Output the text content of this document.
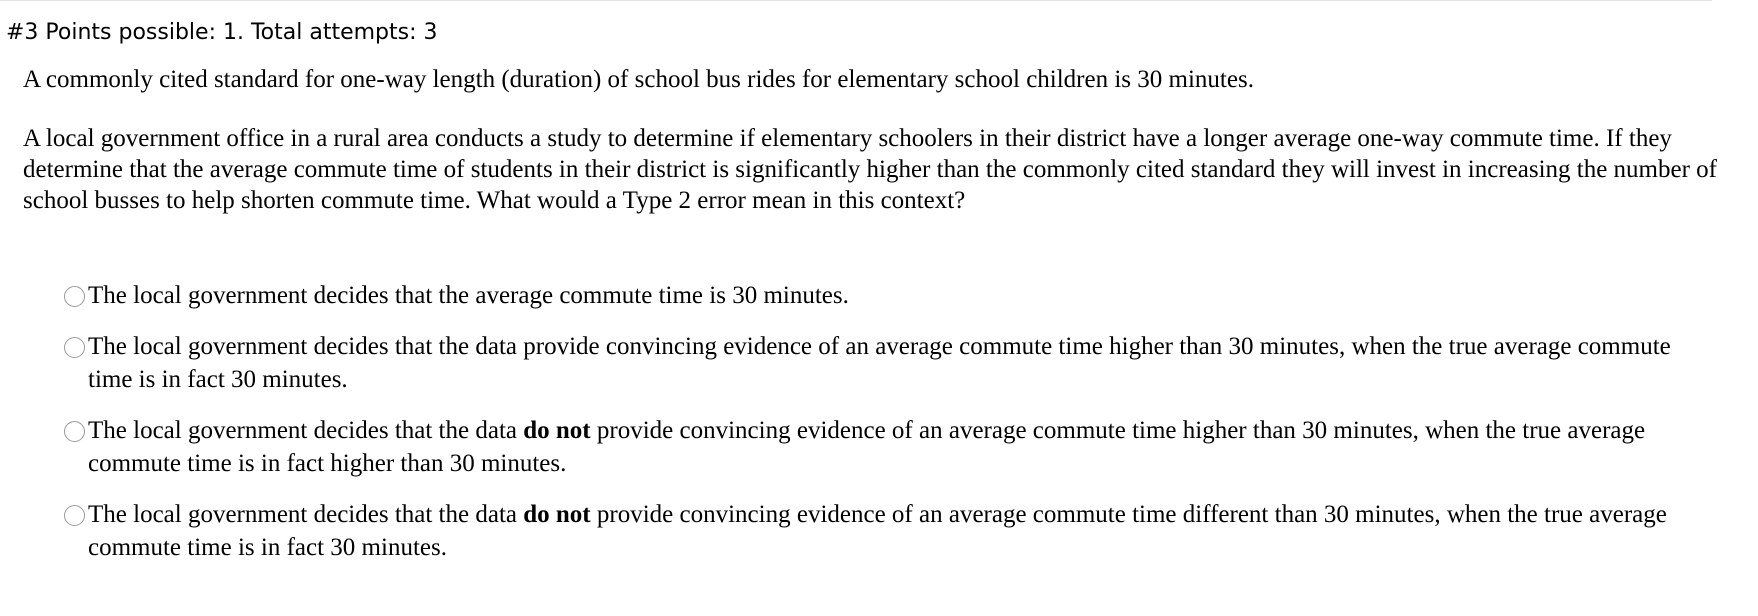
#3 Points possible: 1. Total attempts: 3

A commonly cited standard for one-way length (duration) of school bus rides for elementary school children is 30 minutes.

A local government office in a rural area conducts a study to determine if elementary schoolers in their district have a longer average one-way commute time. If they determine that the average commute time of students in their district is significantly higher than the commonly cited standard they will invest in increasing the number of school busses to help shorten commute time. What would a Type 2 error mean in this context?

The local government decides that the average commute time is 30 minutes.
The local government decides that the data provide convincing evidence of an average commute time higher than 30 minutes, when the true average commute time is in fact 30 minutes.
The local government decides that the data do not provide convincing evidence of an average commute time higher than 30 minutes, when the true average commute time is in fact higher than 30 minutes.
The local government decides that the data do not provide convincing evidence of an average commute time different than 30 minutes, when the true average commute time is in fact 30 minutes.
